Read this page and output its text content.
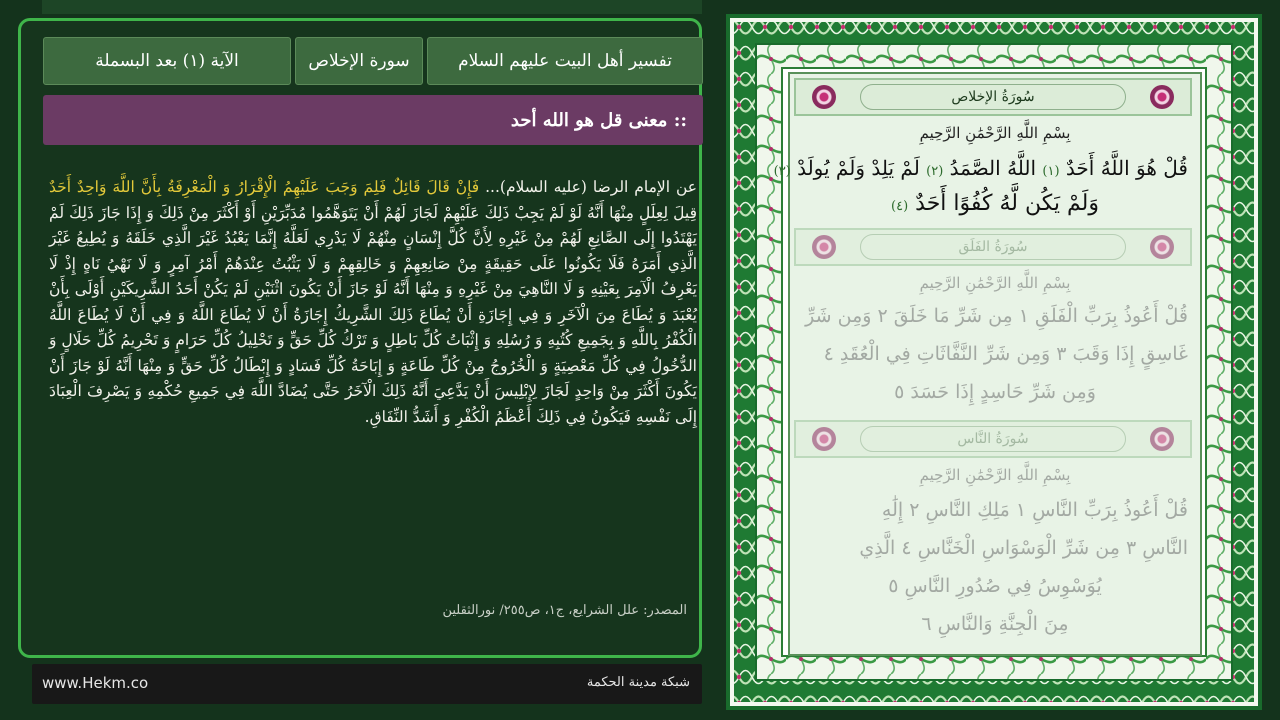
تفسير أهل البيت عليهم السلام
سورة الإخلاص
الآية (١) بعد البسملة
:: معنى قل هو الله أحد
عن الإمام الرضا (عليه السلام)... فَإِنْ قَالَ قَائِلٌ فَلِمَ وَجَبَ عَلَيْهِمُ الْإِقْرَارُ وَ الْمَعْرِفَةُ بِأَنَّ اللَّهَ وَاحِدٌ أَحَدٌ قِيلَ لِعِلَلٍ مِنْهَا أَنَّهُ لَوْ لَمْ يَجِبْ ذَلِكَ عَلَيْهِمْ لَجَازَ لَهُمْ أَنْ يَتَوَهَّمُوا مُدَبِّرَيْنِ أَوْ أَكْثَرَ مِنْ ذَلِكَ وَ إِذَا جَازَ ذَلِكَ لَمْ يَهْتَدُوا إِلَى الصَّانِعِ لَهُمْ مِنْ غَيْرِهِ لِأَنَّ كُلَّ إِنْسَانٍ مِنْهُمْ لَا يَدْرِي لَعَلَّهُ إِنَّمَا يَعْبُدُ غَيْرَ الَّذِي خَلَقَهُ وَ يُطِيعُ غَيْرَ الَّذِي أَمَرَهُ فَلَا يَكُونُوا عَلَى حَقِيقَةٍ مِنْ صَانِعِهِمْ وَ خَالِقِهِمْ وَ لَا يَثْبُتُ عِنْدَهُمْ أَمْرُ آمِرٍ وَ لَا نَهْيُ نَاهٍ إِذْ لَا يَعْرِفُ الْآمِرَ بِعَيْنِهِ وَ لَا النَّاهِيَ مِنْ غَيْرِهِ وَ مِنْهَا أَنَّهُ لَوْ جَازَ أَنْ يَكُونَ اثْنَيْنِ لَمْ يَكُنْ أَحَدُ الشَّرِيكَيْنِ أَوْلَى بِأَنْ يُعْبَدَ وَ يُطَاعَ مِنَ الْآخَرِ وَ فِي إِجَازَةِ أَنْ يُطَاعَ ذَلِكَ الشَّرِيكُ إِجَازَةُ أَنْ لَا يُطَاعَ اللَّهُ وَ فِي أَنْ لَا يُطَاعَ اللَّهُ الْكُفْرُ بِاللَّهِ وَ بِجَمِيعِ كُتُبِهِ وَ رُسُلِهِ وَ إِثْبَاتُ كُلِّ بَاطِلٍ وَ تَرْكُ كُلِّ حَقٍّ وَ تَحْلِيلُ كُلِّ حَرَامٍ وَ تَحْرِيمُ كُلِّ حَلَالٍ وَ الدُّخُولُ فِي كُلِّ مَعْصِيَةٍ وَ الْخُرُوجُ مِنْ كُلِّ طَاعَةٍ وَ إِبَاحَةُ كُلِّ فَسَادٍ وَ إِبْطَالُ كُلِّ حَقٍّ وَ مِنْهَا أَنَّهُ لَوْ جَازَ أَنْ يَكُونَ أَكْثَرَ مِنْ وَاحِدٍ لَجَازَ لِإِبْلِيسَ أَنْ يَدَّعِيَ أَنَّهُ ذَلِكَ الْآخَرُ حَتَّى يُضَادَّ اللَّهَ فِي جَمِيعِ حُكْمِهِ وَ يَصْرِفَ الْعِبَادَ إِلَى نَفْسِهِ فَيَكُونُ فِي ذَلِكَ أَعْظَمُ الْكُفْرِ وَ أَشَدُّ النِّفَاقِ.
المصدر: علل الشرايع، ج١، ص٢٥٥/ نورالثقلين
www.Hekm.co	شبكة مدينة الحكمة
سُورَةُ الإخلاص
بِسْمِ اللَّهِ الرَّحْمَٰنِ الرَّحِيمِ
قُلْ هُوَ اللَّهُ أَحَدٌ (١) اللَّهُ الصَّمَدُ (٢) لَمْ يَلِدْ وَلَمْ يُولَدْ (٣)
وَلَمْ يَكُن لَّهُ كُفُوًا أَحَدٌ (٤)
سُورَةُ الفَلَق
بِسْمِ اللَّهِ الرَّحْمَٰنِ الرَّحِيمِ
قُلْ أَعُوذُ بِرَبِّ الْفَلَقِ ١ مِن شَرِّ مَا خَلَقَ ٢ وَمِن شَرِّ
غَاسِقٍ إِذَا وَقَبَ ٣ وَمِن شَرِّ النَّفَّاثَاتِ فِي الْعُقَدِ ٤
وَمِن شَرِّ حَاسِدٍ إِذَا حَسَدَ ٥
سُورَةُ النَّاس
بِسْمِ اللَّهِ الرَّحْمَٰنِ الرَّحِيمِ
قُلْ أَعُوذُ بِرَبِّ النَّاسِ ١ مَلِكِ النَّاسِ ٢ إِلَٰهِ
النَّاسِ ٣ مِن شَرِّ الْوَسْوَاسِ الْخَنَّاسِ ٤ الَّذِي
يُوَسْوِسُ فِي صُدُورِ النَّاسِ ٥
مِنَ الْجِنَّةِ وَالنَّاسِ ٦
